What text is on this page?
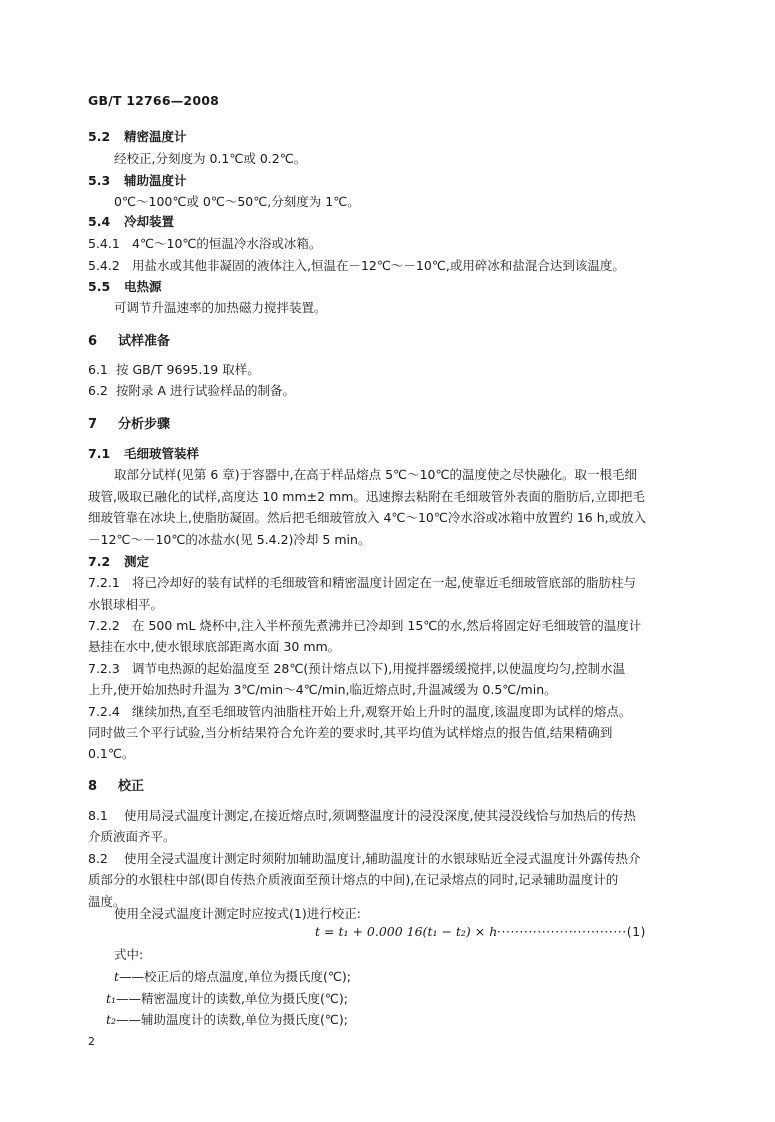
GB/T 12766—2008
5.2 精密温度计
经校正,分刻度为 0.1℃或 0.2℃。
5.3 辅助温度计
0℃～100℃或 0℃～50℃,分刻度为 1℃。
5.4 冷却装置
5.4.1 4℃～10℃的恒温冷水浴或冰箱。
5.4.2 用盐水或其他非凝固的液体注入,恒温在－12℃～－10℃,或用碎冰和盐混合达到该温度。
5.5 电热源
可调节升温速率的加热磁力搅拌装置。
6 试样准备
6.1 按 GB/T 9695.19 取样。
6.2 按附录 A 进行试验样品的制备。
7 分析步骤
7.1 毛细玻管装样
取部分试样(见第 6 章)于容器中,在高于样品熔点 5℃～10℃的温度使之尽快融化。取一根毛细
玻管,吸取已融化的试样,高度达 10 mm±2 mm。迅速擦去粘附在毛细玻管外表面的脂肪后,立即把毛
细玻管靠在冰块上,使脂肪凝固。然后把毛细玻管放入 4℃～10℃冷水浴或冰箱中放置约 16 h,或放入
－12℃～－10℃的冰盐水(见 5.4.2)冷却 5 min。
7.2 测定
7.2.1 将已冷却好的装有试样的毛细玻管和精密温度计固定在一起,使靠近毛细玻管底部的脂肪柱与
水银球相平。
7.2.2 在 500 mL 烧杯中,注入半杯预先煮沸并已冷却到 15℃的水,然后将固定好毛细玻管的温度计
悬挂在水中,使水银球底部距离水面 30 mm。
7.2.3 调节电热源的起始温度至 28℃(预计熔点以下),用搅拌器缓缓搅拌,以使温度均匀,控制水温
上升,使开始加热时升温为 3℃/min～4℃/min,临近熔点时,升温减缓为 0.5℃/min。
7.2.4 继续加热,直至毛细玻管内油脂柱开始上升,观察开始上升时的温度,该温度即为试样的熔点。
同时做三个平行试验,当分析结果符合允许差的要求时,其平均值为试样熔点的报告值,结果精确到
0.1℃。
8 校正
8.1 使用局浸式温度计测定,在接近熔点时,须调整温度计的浸没深度,使其浸没线恰与加热后的传热
介质液面齐平。
8.2 使用全浸式温度计测定时须附加辅助温度计,辅助温度计的水银球贴近全浸式温度计外露传热介
质部分的水银柱中部(即自传热介质液面至预计熔点的中间),在记录熔点的同时,记录辅助温度计的
温度。
使用全浸式温度计测定时应按式(1)进行校正:
t = t₁ + 0.000 16(t₁ − t₂) × h ·····························(1)
式中:
t——校正后的熔点温度,单位为摄氏度(℃);
t₁——精密温度计的读数,单位为摄氏度(℃);
t₂——辅助温度计的读数,单位为摄氏度(℃);
2
